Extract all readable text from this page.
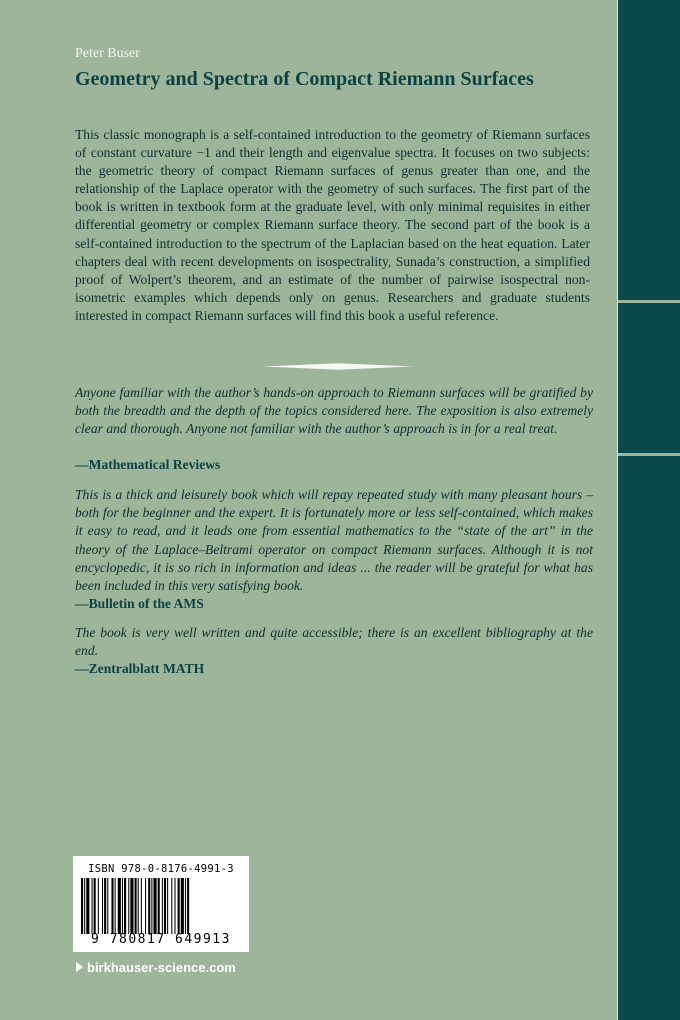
Peter Buser
Geometry and Spectra of Compact Riemann Surfaces

This classic monograph is a self-contained introduction to the geometry of Riemann surfaces of constant curvature −1 and their length and eigenvalue spectra. It focuses on two subjects: the geometric theory of compact Riemann surfaces of genus greater than one, and the relationship of the Laplace operator with the geometry of such surfaces. The first part of the book is written in textbook form at the graduate level, with only minimal requisites in either differential geometry or complex Riemann surface theory. The second part of the book is a self-contained introduction to the spectrum of the Laplacian based on the heat equation. Later chapters deal with recent developments on isospectrality, Sunada’s construction, a simplified proof of Wolpert’s theorem, and an estimate of the number of pairwise isospectral non-isometric examples which depends only on genus. Researchers and graduate students interested in compact Riemann surfaces will find this book a useful reference.

Anyone familiar with the author’s hands-on approach to Riemann surfaces will be gratified by both the breadth and the depth of the topics considered here. The exposition is also extremely clear and thorough. Anyone not familiar with the author’s approach is in for a real treat.

—Mathematical Reviews

This is a thick and leisurely book which will repay repeated study with many pleasant hours – both for the beginner and the expert. It is fortunately more or less self-contained, which makes it easy to read, and it leads one from essential mathematics to the “state of the art” in the theory of the Laplace–Beltrami operator on compact Riemann surfaces. Although it is not encyclopedic, it is so rich in information and ideas ... the reader will be grateful for what has been included in this very satisfying book.

—Bulletin of the AMS

The book is very well written and quite accessible; there is an excellent bibliography at the end.

—Zentralblatt MATH
ISBN 978-0-8176-4991-3
9 780817 649913
birkhauser-science.com
